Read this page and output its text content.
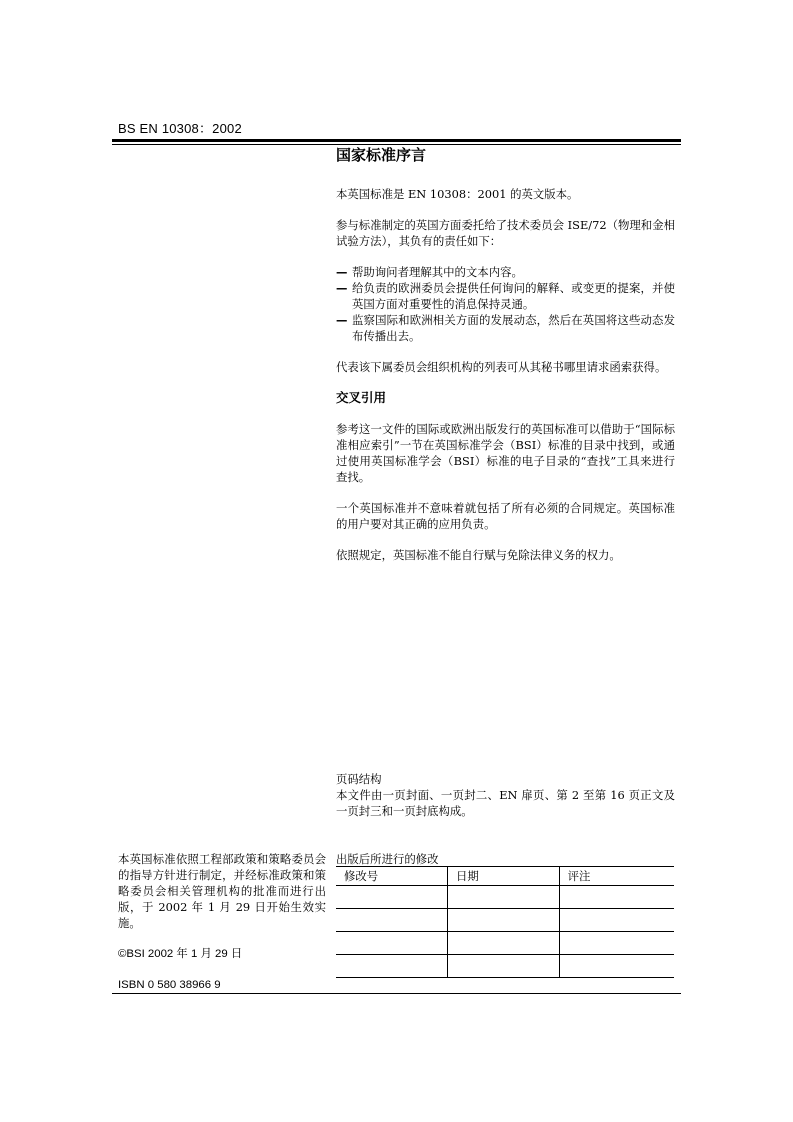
BS EN 10308：2002
国家标准序言

本英国标准是 EN 10308：2001 的英文版本。

参与标准制定的英国方面委托给了技术委员会 ISE/72（物理和金相试验方法），其负有的责任如下：

— 帮助询问者理解其中的文本内容。
— 给负责的欧洲委员会提供任何询问的解释、或变更的提案，并使英国方面对重要性的消息保持灵通。
— 监察国际和欧洲相关方面的发展动态，然后在英国将这些动态发布传播出去。

代表该下属委员会组织机构的列表可从其秘书哪里请求函索获得。

交叉引用

参考这一文件的国际或欧洲出版发行的英国标准可以借助于“国际标准相应索引”一节在英国标准学会（BSI）标准的目录中找到，或通过使用英国标准学会（BSI）标准的电子目录的“查找”工具来进行查找。

一个英国标准并不意味着就包括了所有必须的合同规定。英国标准的用户要对其正确的应用负责。

依照规定，英国标准不能自行赋与免除法律义务的权力。

页码结构

本文件由一页封面、一页封二、EN 扉页、第 2 至第 16 页正文及一页封三和一页封底构成。

本英国标准依照工程部政策和策略委员会的指导方针进行制定，并经标准政策和策略委员会相关管理机构的批准而进行出版，于 2002 年 1 月 29 日开始生效实施。

©BSI 2002 年 1 月 29 日

ISBN 0 580 38966 9

出版后所进行的修改
修改号	日期	评注
